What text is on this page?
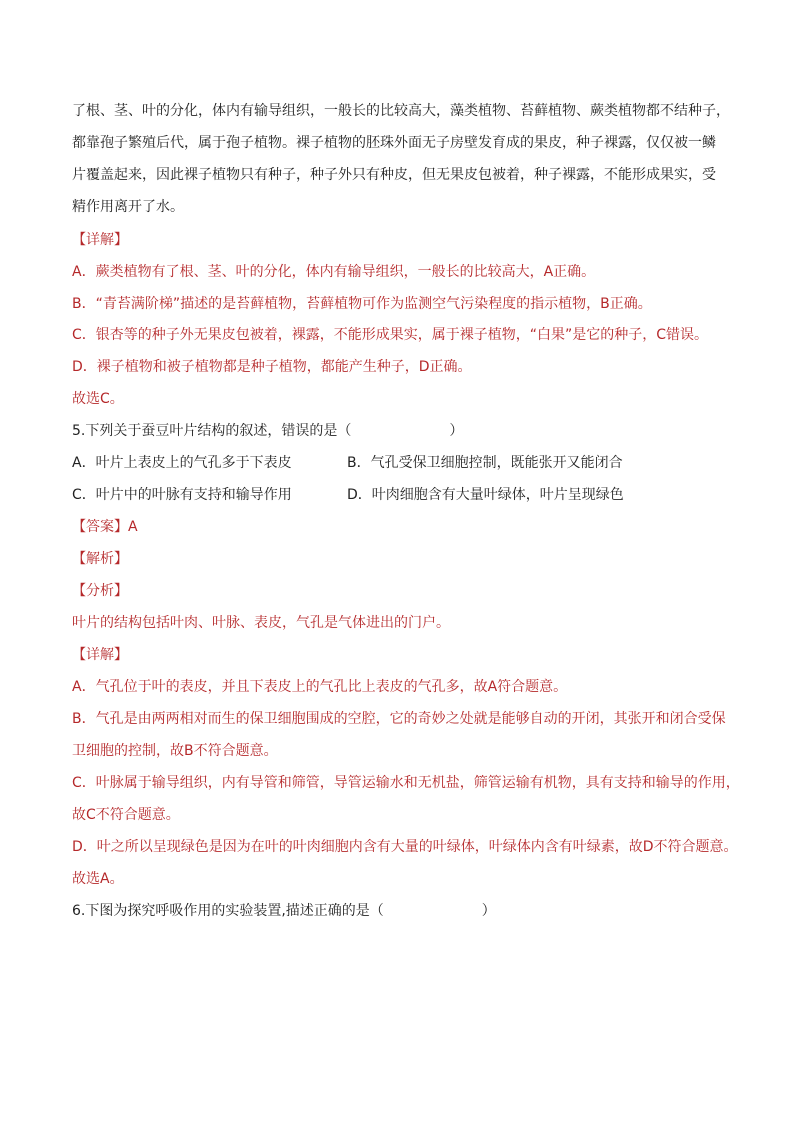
了根、茎、叶的分化，体内有输导组织，一般长的比较高大，藻类植物、苔藓植物、蕨类植物都不结种子，
都靠孢子繁殖后代，属于孢子植物。裸子植物的胚珠外面无子房壁发育成的果皮，种子裸露，仅仅被一鳞
片覆盖起来，因此裸子植物只有种子，种子外只有种皮，但无果皮包被着，种子裸露，不能形成果实，受
精作用离开了水。
【详解】
A．蕨类植物有了根、茎、叶的分化，体内有输导组织，一般长的比较高大，A正确。
B．“青苔满阶梯”描述的是苔藓植物，苔藓植物可作为监测空气污染程度的指示植物，B正确。
C．银杏等的种子外无果皮包被着，裸露，不能形成果实，属于裸子植物，“白果”是它的种子，C错误。
D．裸子植物和被子植物都是种子植物，都能产生种子，D正确。
故选C。
5.下列关于蚕豆叶片结构的叙述，错误的是（　　　　　　　）
A．叶片上表皮上的气孔多于下表皮	B．气孔受保卫细胞控制，既能张开又能闭合
C．叶片中的叶脉有支持和输导作用	D．叶肉细胞含有大量叶绿体，叶片呈现绿色
【答案】A
【解析】
【分析】
叶片的结构包括叶肉、叶脉、表皮，气孔是气体进出的门户。
【详解】
A．气孔位于叶的表皮，并且下表皮上的气孔比上表皮的气孔多，故A符合题意。
B．气孔是由两两相对而生的保卫细胞围成的空腔，它的奇妙之处就是能够自动的开闭，其张开和闭合受保
卫细胞的控制，故B不符合题意。
C．叶脉属于输导组织，内有导管和筛管，导管运输水和无机盐，筛管运输有机物，具有支持和输导的作用，
故C不符合题意。
D．叶之所以呈现绿色是因为在叶的叶肉细胞内含有大量的叶绿体，叶绿体内含有叶绿素，故D不符合题意。
故选A。
6.下图为探究呼吸作用的实验装置,描述正确的是（　　　　　　　）
